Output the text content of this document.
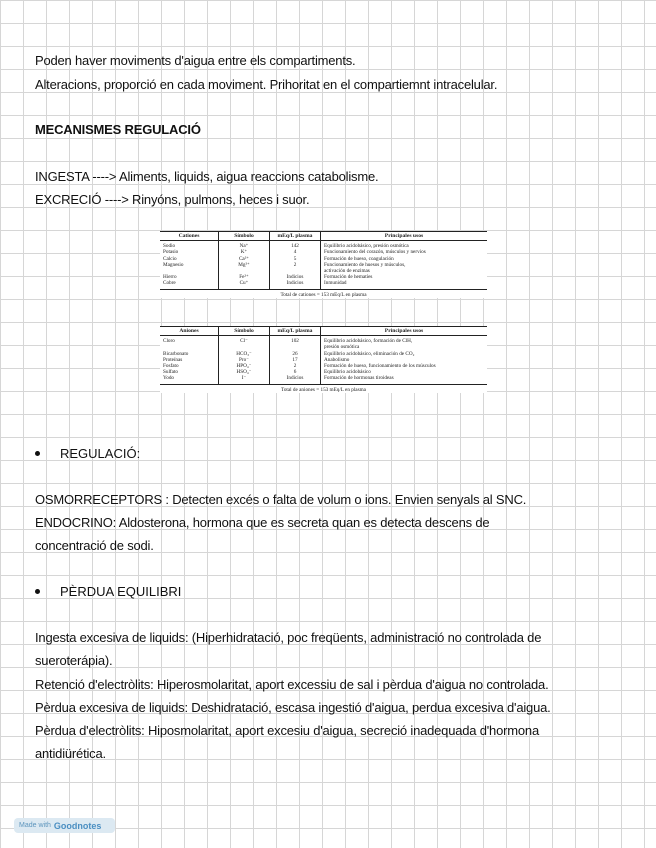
Poden haver moviments d'aigua entre els compartiments.
Alteracions, proporció en cada moviment. Prihoritat en el compartiemnt intracelular.
MECANISMES REGULACIÓ
INGESTA ----> Aliments, liquids, aigua reaccions catabolisme.
EXCRECIÓ ----> Rinyóns, pulmons, heces i suor.
Cationes	Símbolo	mEq/L plasma	Principales usos
Sodio	Na⁺	142	Equilibrio acidobásico, presión osmótica
Potasio	K⁺	4	Funcionamiento del corazón, músculos y nervios
Calcio	Ca²⁺	5	Formación de hueso, coagulación
Magnesio	Mg²⁺	2	Funcionamiento de huesos y músculos,
			activación de enzimas
Hierro	Fe²⁺	Indicios	Formación de hematíes
Cobre	Cu⁺	Indicios	Inmunidad
Total de cationes = 153 mEq/L en plasma
Aniones	Símbolo	mEq/L plasma	Principales usos
Cloro	Cl⁻	102	Equilibrio acidobásico, formación de ClH,
			presión osmótica
Bicarbonato	HCO₃⁻	26	Equilibrio acidobásico, eliminación de CO₂
Proteínas	Pro⁻	17	Anabolismo
Fosfato	HPO₄⁻	2	Formación de hueso, funcionamiento de los músculos
Sulfato	HSO₄⁻	6	Equilibrio acidobásico
Yodo	I⁻	Indicios	Formación de hormonas tiroideas
Total de aniones = 153 mEq/L en plasma
REGULACIÓ:
OSMORRECEPTORS : Detecten excés o falta de volum o ions. Envien senyals al SNC.
ENDOCRINO: Aldosterona, hormona que es secreta quan es detecta descens de
concentració de sodi.
PÈRDUA EQUILIBRI
Ingesta excesiva de liquids: (Hiperhidratació, poc freqüents, administració no controlada de
sueroterápia).
Retenció d'electròlits: Hiperosmolaritat, aport excessiu de sal i pèrdua d'aigua no controlada.
Pèrdua excesiva de liquids: Deshidratació, escasa ingestió d'aigua, perdua excesiva d'aigua.
Pèrdua d'electròlits: Hiposmolaritat, aport excesiu d'aigua, secreció inadequada d'hormona
antidiürética.
Made with Goodnotes
